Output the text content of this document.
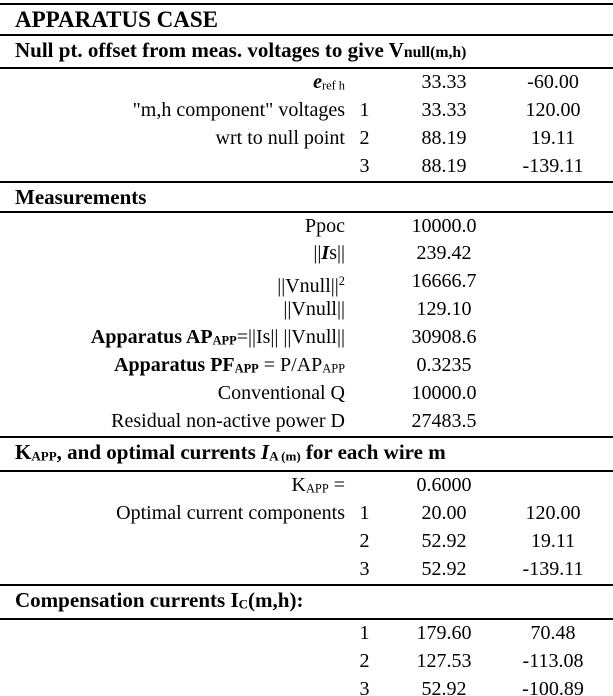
APPARATUS CASE
Null pt. offset from meas. voltages to give Vnull(m,h)
eref h	33.33	-60.00
"m,h component" voltages 1	33.33	120.00
wrt to null point 2	88.19	19.11
3	88.19	-139.11
Measurements
Ppoc	10000.0
||Is||	239.42
$||Vnull||^2$	16666.7
||Vnull||	129.10
Apparatus APAPP=||Is|| ||Vnull||	30908.6
Apparatus PFAPP = P/APAPP	0.3235
Conventional Q	10000.0
Residual non-active power D	27483.5
KAPP, and optimal currents IA (m) for each wire m
KAPP =	0.6000
Optimal current components 1	20.00	120.00
2	52.92	19.11
3	52.92	-139.11
Compensation currents IC(m,h):
1	179.60	70.48
2	127.53	-113.08
3	52.92	-100.89
